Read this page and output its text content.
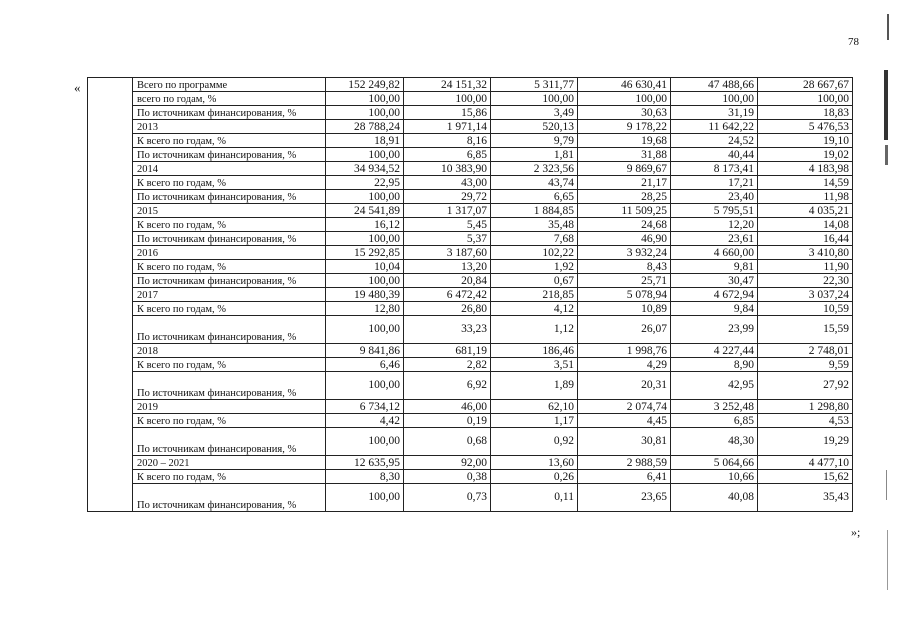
78
«
»;
	Всего по программе	152 249,82	24 151,32	5 311,77	46 630,41	47 488,66	28 667,67
	всего по годам, %	100,00	100,00	100,00	100,00	100,00	100,00
	По источникам финансирования, %	100,00	15,86	3,49	30,63	31,19	18,83
	2013	28 788,24	1 971,14	520,13	9 178,22	11 642,22	5 476,53
	К всего по годам, %	18,91	8,16	9,79	19,68	24,52	19,10
	По источникам финансирования, %	100,00	6,85	1,81	31,88	40,44	19,02
	2014	34 934,52	10 383,90	2 323,56	9 869,67	8 173,41	4 183,98
	К всего по годам, %	22,95	43,00	43,74	21,17	17,21	14,59
	По источникам финансирования, %	100,00	29,72	6,65	28,25	23,40	11,98
	2015	24 541,89	1 317,07	1 884,85	11 509,25	5 795,51	4 035,21
	К всего по годам, %	16,12	5,45	35,48	24,68	12,20	14,08
	По источникам финансирования, %	100,00	5,37	7,68	46,90	23,61	16,44
	2016	15 292,85	3 187,60	102,22	3 932,24	4 660,00	3 410,80
	К всего по годам, %	10,04	13,20	1,92	8,43	9,81	11,90
	По источникам финансирования, %	100,00	20,84	0,67	25,71	30,47	22,30
	2017	19 480,39	6 472,42	218,85	5 078,94	4 672,94	3 037,24
	К всего по годам, %	12,80	26,80	4,12	10,89	9,84	10,59
	По источникам финансирования, %	100,00	33,23	1,12	26,07	23,99	15,59
	2018	9 841,86	681,19	186,46	1 998,76	4 227,44	2 748,01
	К всего по годам, %	6,46	2,82	3,51	4,29	8,90	9,59
	По источникам финансирования, %	100,00	6,92	1,89	20,31	42,95	27,92
	2019	6 734,12	46,00	62,10	2 074,74	3 252,48	1 298,80
	К всего по годам, %	4,42	0,19	1,17	4,45	6,85	4,53
	По источникам финансирования, %	100,00	0,68	0,92	30,81	48,30	19,29
	2020 – 2021	12 635,95	92,00	13,60	2 988,59	5 064,66	4 477,10
	К всего по годам, %	8,30	0,38	0,26	6,41	10,66	15,62
	По источникам финансирования, %	100,00	0,73	0,11	23,65	40,08	35,43
